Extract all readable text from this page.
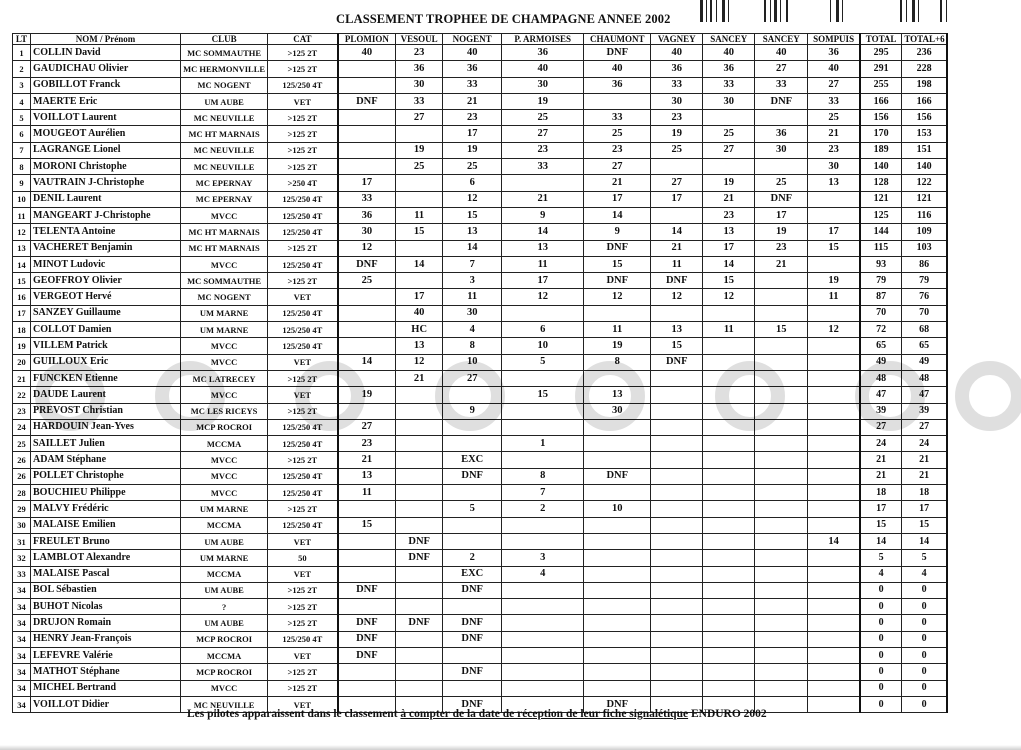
CLASSEMENT TROPHEE DE CHAMPAGNE ANNEE 2002
LT	NOM / Prénom	CLUB	CAT	PLOMION	VESOUL	NOGENT	P. ARMOISES	CHAUMONT	VAGNEY	SANCEY	SANCEY	SOMPUIS	TOTAL	TOTAL+6
1	COLLIN David	MC SOMMAUTHE	>125 2T	40	23	40	36	DNF	40	40	40	36	295	236
2	GAUDICHAU Olivier	MC HERMONVILLE	>125 2T		36	36	40	40	36	36	27	40	291	228
3	GOBILLOT Franck	MC NOGENT	125/250 4T		30	33	30	36	33	33	33	27	255	198
4	MAERTE Eric	UM AUBE	VET	DNF	33	21	19		30	30	DNF	33	166	166
5	VOILLOT Laurent	MC NEUVILLE	>125 2T		27	23	25	33	23			25	156	156
6	MOUGEOT Aurélien	MC HT MARNAIS	>125 2T			17	27	25	19	25	36	21	170	153
7	LAGRANGE Lionel	MC NEUVILLE	>125 2T		19	19	23	23	25	27	30	23	189	151
8	MORONI Christophe	MC NEUVILLE	>125 2T		25	25	33	27				30	140	140
9	VAUTRAIN J-Christophe	MC EPERNAY	>250 4T	17		6		21	27	19	25	13	128	122
10	DENIL Laurent	MC EPERNAY	125/250 4T	33		12	21	17	17	21	DNF		121	121
11	MANGEART J-Christophe	MVCC	125/250 4T	36	11	15	9	14		23	17		125	116
12	TELENTA Antoine	MC HT MARNAIS	125/250 4T	30	15	13	14	9	14	13	19	17	144	109
13	VACHERET Benjamin	MC HT MARNAIS	>125 2T	12		14	13	DNF	21	17	23	15	115	103
14	MINOT Ludovic	MVCC	125/250 4T	DNF	14	7	11	15	11	14	21		93	86
15	GEOFFROY Olivier	MC SOMMAUTHE	>125 2T	25		3	17	DNF	DNF	15		19	79	79
16	VERGEOT Hervé	MC NOGENT	VET		17	11	12	12	12	12		11	87	76
17	SANZEY Guillaume	UM MARNE	125/250 4T		40	30							70	70
18	COLLOT Damien	UM MARNE	125/250 4T		HC	4	6	11	13	11	15	12	72	68
19	VILLEM Patrick	MVCC	125/250 4T		13	8	10	19	15				65	65
20	GUILLOUX Eric	MVCC	VET	14	12	10	5	8	DNF				49	49
21	FUNCKEN Etienne	MC LATRECEY	>125 2T		21	27							48	48
22	DAUDE Laurent	MVCC	VET	19			15	13					47	47
23	PREVOST Christian	MC LES RICEYS	>125 2T			9		30					39	39
24	HARDOUIN Jean-Yves	MCP ROCROI	125/250 4T	27									27	27
25	SAILLET Julien	MCCMA	125/250 4T	23			1						24	24
26	ADAM Stéphane	MVCC	>125 2T	21		EXC							21	21
26	POLLET Christophe	MVCC	125/250 4T	13		DNF	8	DNF					21	21
28	BOUCHIEU Philippe	MVCC	125/250 4T	11			7						18	18
29	MALVY Frédéric	UM MARNE	>125 2T			5	2	10					17	17
30	MALAISE Emilien	MCCMA	125/250 4T	15									15	15
31	FREULET Bruno	UM AUBE	VET		DNF							14	14	14
32	LAMBLOT Alexandre	UM MARNE	50		DNF	2	3						5	5
33	MALAISE Pascal	MCCMA	VET			EXC	4						4	4
34	BOL Sébastien	UM AUBE	>125 2T	DNF		DNF							0	0
34	BUHOT Nicolas	?	>125 2T										0	0
34	DRUJON Romain	UM AUBE	>125 2T	DNF	DNF	DNF							0	0
34	HENRY Jean-François	MCP ROCROI	125/250 4T	DNF		DNF							0	0
34	LEFEVRE Valérie	MCCMA	VET	DNF									0	0
34	MATHOT Stéphane	MCP ROCROI	>125 2T			DNF							0	0
34	MICHEL Bertrand	MVCC	>125 2T										0	0
34	VOILLOT Didier	MC NEUVILLE	VET			DNF		DNF					0	0
Les pilotes apparaissent dans le classement à compter de la date de réception de leur fiche signalétique ENDURO 2002
